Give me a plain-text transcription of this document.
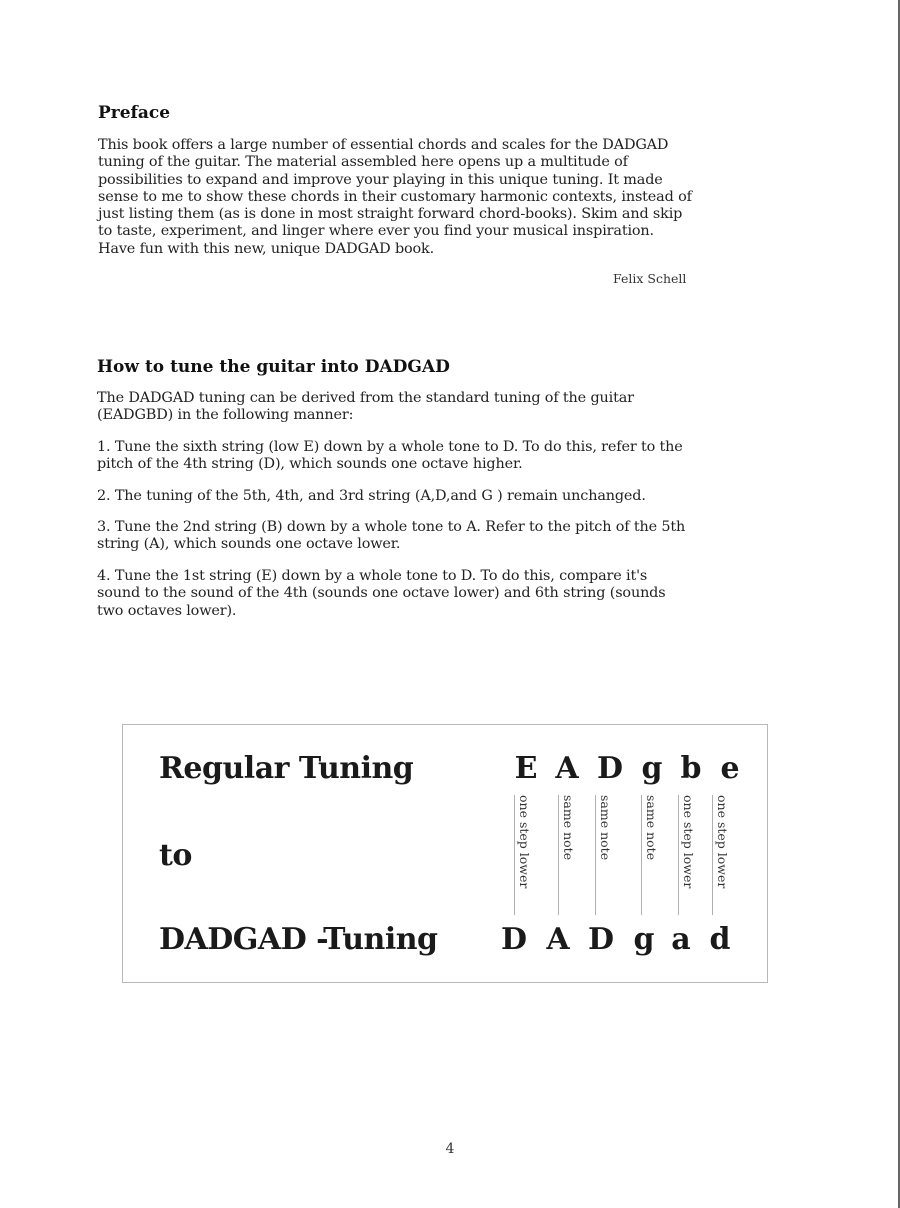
Preface

This book offers a large number of essential chords and scales for the DADGAD
tuning of the guitar. The material assembled here opens up a multitude of
possibilities to expand and improve your playing in this unique tuning. It made
sense to me to show these chords in their customary harmonic contexts, instead of
just listing them (as is done in most straight forward chord-books). Skim and skip
to taste, experiment, and linger where ever you find your musical inspiration.
Have fun with this new, unique DADGAD book.

Felix Schell
How to tune the guitar into DADGAD

The DADGAD tuning can be derived from the standard tuning of the guitar
(EADGBD) in the following manner:

1. Tune the sixth string (low E) down by a whole tone to D. To do this, refer to the
pitch of the 4th string (D), which sounds one octave higher.

2. The tuning of the 5th, 4th, and 3rd string (A,D,and G ) remain unchanged.

3. Tune the 2nd string (B) down by a whole tone to A. Refer to the pitch of the 5th
string (A), which sounds one octave lower.

4. Tune the 1st string (E) down by a whole tone to D. To do this, compare it's
sound to the sound of the 4th (sounds one octave lower) and 6th string (sounds
two octaves lower).

Regular Tuning
to
DADGAD -Tuning
E A D g b e
one step lower same note same note same note one step lower one step lower
D A D g a d
4
